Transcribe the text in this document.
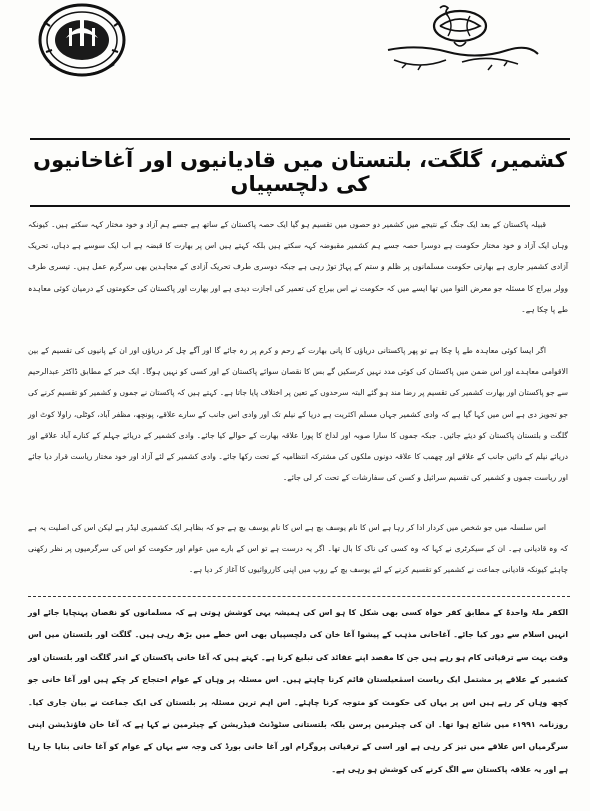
کشمیر، گلگت، بلتستان میں قادیانیوں اور آغاخانیوں کی دلچسپیاں

قبیلہ پاکستان کے بعد ایک جنگ کے نتیجے میں کشمیر دو حصوں میں تقسیم ہو گیا ایک حصہ پاکستان کے ساتھ ہے جسے ہم آزاد و خود مختار کہہ سکتے ہیں۔ کیونکہ وہاں ایک آزاد و خود مختار حکومت ہے دوسرا حصہ جسے ہم کشمیر مقبوضہ کہہ سکتے ہیں بلکہ کہتے ہیں اس پر بھارت کا قبضہ ہے اب ایک سوسے ہے دہاں، تحریک آزادی کشمیر جاری ہے بھارتی حکومت مسلمانوں پر ظلم و ستم کے پہاڑ توڑ رہی ہے جبکہ دوسری طرف تحریک آزادی کے مجاہدین بھی سرگرم عمل ہیں۔ تیسری طرف وولر بیراج کا مسئلہ جو معرض التوا میں تھا ایسے میں کہ حکومت نے اس بیراج کی تعمیر کی اجازت دیدی ہے اور بھارت اور پاکستان کی حکومتوں کے درمیان کوئی معاہدہ طے پا چکا ہے۔

اگر ایسا کوئی معاہدہ طے پا چکا ہے تو پھر پاکستانی دریاؤں کا پانی بھارت کے رحم و کرم پر رہ جائے گا اور آگے چل کر دریاؤں اور ان کے پانیوں کی تقسیم کے بین الاقوامی معاہدے اور اس ضمن میں پاکستان کی کوئی مدد نہیں کرسکیں گے بس کا نقصان سوائے پاکستان کے اور کسی کو نہیں ہوگا۔ ایک خبر کے مطابق ڈاکٹر عبدالرحیم سے جو پاکستان اور بھارت کشمیر کی تقسیم پر رضا مند ہو گئے البتہ سرحدوں کے تعین پر اختلاف پایا جاتا ہے۔ کہتے ہیں کہ پاکستان نے جموں و کشمیر کو تقسیم کرنے کی جو تجویز دی ہے اس میں کہا گیا ہے کہ وادی کشمیر جہاں مسلم اکثریت ہے دریا کے نیلم تک اور وادی اس جانب کے سارے علاقے، پونچھ، مظفر آباد، کوٹلی، راولا کوٹ اور گلگت و بلتستان پاکستان کو دیئے جائیں۔ جبکہ جموں کا سارا صوبہ اور لداخ کا پورا علاقہ بھارت کے حوالے کیا جائے۔ وادی کشمیر کے دریائے جہلم کے کنارے آباد علاقے اور دریائے نیلم کے دائیں جانب کے علاقے اور چھمب کا علاقہ دونوں ملکوں کی مشترکہ انتظامیہ کے تحت رکھا جائے۔ وادی کشمیر کے لئے آزاد اور خود مختار ریاست قرار دیا جائے اور ریاست جموں و کشمیر کی تقسیم سرائیل و کسن کی سفارشات کے تحت کر لی جائے۔

اس سلسلہ میں جو شخص میں کردار ادا کر رہا ہے اس کا نام یوسف بچ ہے اس کا نام یوسف بچ ہے جو کہ بظاہر ایک کشمیری لیڈر ہے لیکن اس کی اصلیت یہ ہے کہ وہ قادیانی ہے۔ ان کے سیکرٹری نے کہا کہ وہ کسی کی ناک کا بال تھا۔ اگر یہ درست ہے تو اس کے بارے میں عوام اور حکومت کو اس کی سرگرمیوں پر نظر رکھنی چاہئے کیونکہ قادیانی جماعت نے کشمیر کو تقسیم کرنے کے لئے یوسف بچ کے روپ میں اپنی کارروائیوں کا آغاز کر دیا ہے۔

الکفر ملۃ واحدۃ کے مطابق کفر خواہ کسی بھی شکل کا ہو اس کی ہمیشہ یہی کوشش ہوتی ہے کہ مسلمانوں کو نقصان پہنچایا جائے اور انہیں اسلام سے دور کیا جائے۔ آغاخانی مذہب کے پیشوا آغا خان کی دلچسپیاں بھی اس خطے میں بڑھ رہی ہیں۔ گلگت اور بلتستان میں اس وقت بہت سے ترقیاتی کام ہو رہے ہیں جن کا مقصد اپنے عقائد کی تبلیغ کرنا ہے۔ کہتے ہیں کہ آغا خانی پاکستان کے اندر گلگت اور بلتستان اور کشمیر کے علاقے پر مشتمل ایک ریاست اسمٰعیلستان قائم کرنا چاہتے ہیں۔ اس مسئلہ پر وہاں کے عوام احتجاج کر چکے ہیں اور آغا خانی جو کچھ وہاں کر رہے ہیں اس پر یہاں کی حکومت کو متوجہ کرنا چاہئے۔ اس اہم ترین مسئلہ پر بلتستان کی ایک جماعت نے بیان جاری کیا۔ روزنامہ ۱۹۹۱ء میں شائع ہوا تھا۔ ان کی چیئرمین پرسن بلکہ بلتستانی سٹوڈنٹ فیڈریشن کے چیئرمین نے کہا ہے کہ آغا خان فاؤنڈیشن اپنی سرگرمیاں اس علاقے میں تیز کر رہی ہے اور اسی کے ترقیاتی پروگرام اور آغا خانی بورڈ کی وجہ سے یہاں کے عوام کو آغا خانی بنایا جا رہا ہے اور یہ علاقہ پاکستان سے الگ کرنے کی کوشش ہو رہی ہے۔
